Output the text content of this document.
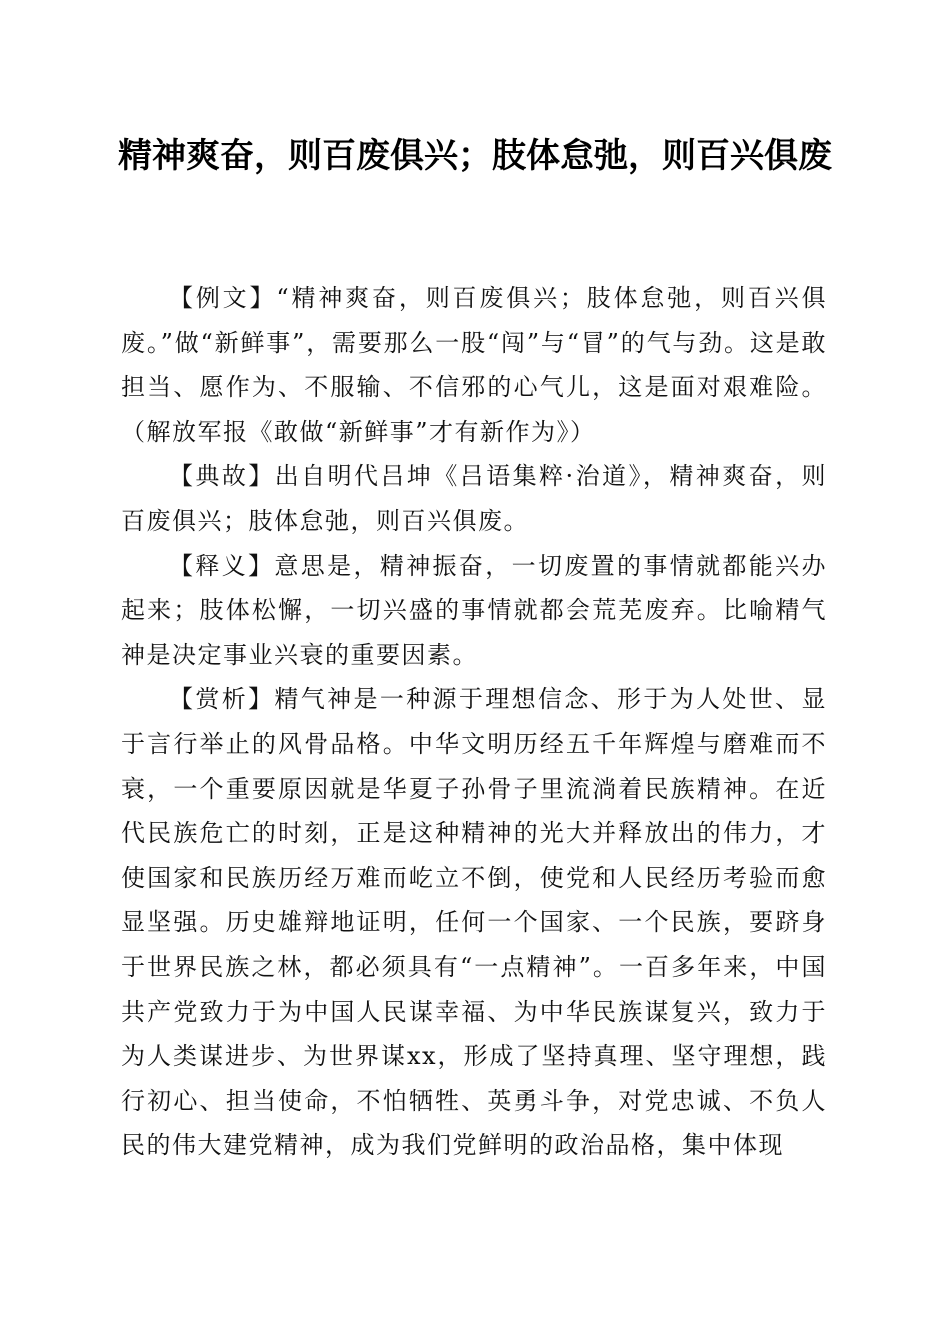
精神爽奋，则百废俱兴；肢体怠弛，则百兴俱废

【例文】“精神爽奋，则百废俱兴；肢体怠弛，则百兴俱废。”做“新鲜事”，需要那么一股“闯”与“冒”的气与劲。这是敢担当、愿作为、不服输、不信邪的心气儿，这是面对艰难险。（解放军报《敢做“新鲜事”才有新作为》）

【典故】出自明代吕坤《吕语集粹·治道》，精神爽奋，则百废俱兴；肢体怠弛，则百兴俱废。

【释义】意思是，精神振奋，一切废置的事情就都能兴办起来；肢体松懈，一切兴盛的事情就都会荒芜废弃。比喻精气神是决定事业兴衰的重要因素。

【赏析】精气神是一种源于理想信念、形于为人处世、显于言行举止的风骨品格。中华文明历经五千年辉煌与磨难而不衰，一个重要原因就是华夏子孙骨子里流淌着民族精神。在近代民族危亡的时刻，正是这种精神的光大并释放出的伟力，才使国家和民族历经万难而屹立不倒，使党和人民经历考验而愈显坚强。历史雄辩地证明，任何一个国家、一个民族，要跻身于世界民族之林，都必须具有“一点精神”。一百多年来，中国共产党致力于为中国人民谋幸福、为中华民族谋复兴，致力于为人类谋进步、为世界谋xx，形成了坚持真理、坚守理想，践行初心、担当使命，不怕牺牲、英勇斗争，对党忠诚、不负人民的伟大建党精神，成为我们党鲜明的政治品格，集中体现
